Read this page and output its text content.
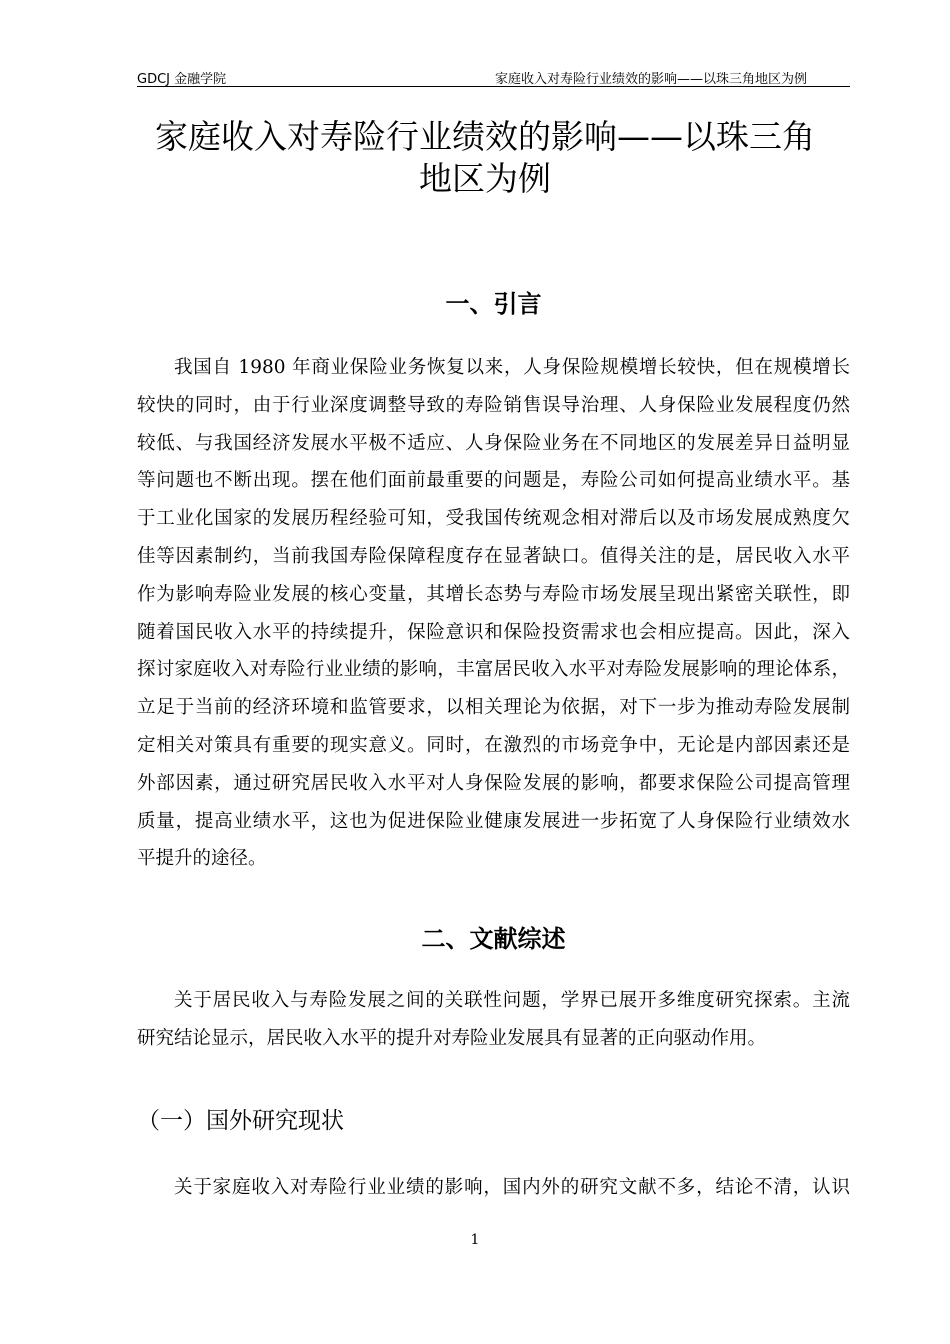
GDCJ 金融学院	家庭收入对寿险行业绩效的影响——以珠三角地区为例
家庭收入对寿险行业绩效的影响——以珠三角
地区为例
一、引言
我国自 1980 年商业保险业务恢复以来，人身保险规模增长较快，但在规模增长
较快的同时，由于行业深度调整导致的寿险销售误导治理、人身保险业发展程度仍然
较低、与我国经济发展水平极不适应、人身保险业务在不同地区的发展差异日益明显
等问题也不断出现。摆在他们面前最重要的问题是，寿险公司如何提高业绩水平。基
于工业化国家的发展历程经验可知，受我国传统观念相对滞后以及市场发展成熟度欠
佳等因素制约，当前我国寿险保障程度存在显著缺口。值得关注的是，居民收入水平
作为影响寿险业发展的核心变量，其增长态势与寿险市场发展呈现出紧密关联性，即
随着国民收入水平的持续提升，保险意识和保险投资需求也会相应提高。因此，深入
探讨家庭收入对寿险行业业绩的影响，丰富居民收入水平对寿险发展影响的理论体系，
立足于当前的经济环境和监管要求，以相关理论为依据，对下一步为推动寿险发展制
定相关对策具有重要的现实意义。同时，在激烈的市场竞争中，无论是内部因素还是
外部因素，通过研究居民收入水平对人身保险发展的影响，都要求保险公司提高管理
质量，提高业绩水平，这也为促进保险业健康发展进一步拓宽了人身保险行业绩效水
平提升的途径。
二、文献综述
关于居民收入与寿险发展之间的关联性问题，学界已展开多维度研究探索。主流
研究结论显示，居民收入水平的提升对寿险业发展具有显著的正向驱动作用。
（一）国外研究现状
关于家庭收入对寿险行业业绩的影响，国内外的研究文献不多，结论不清，认识
1
